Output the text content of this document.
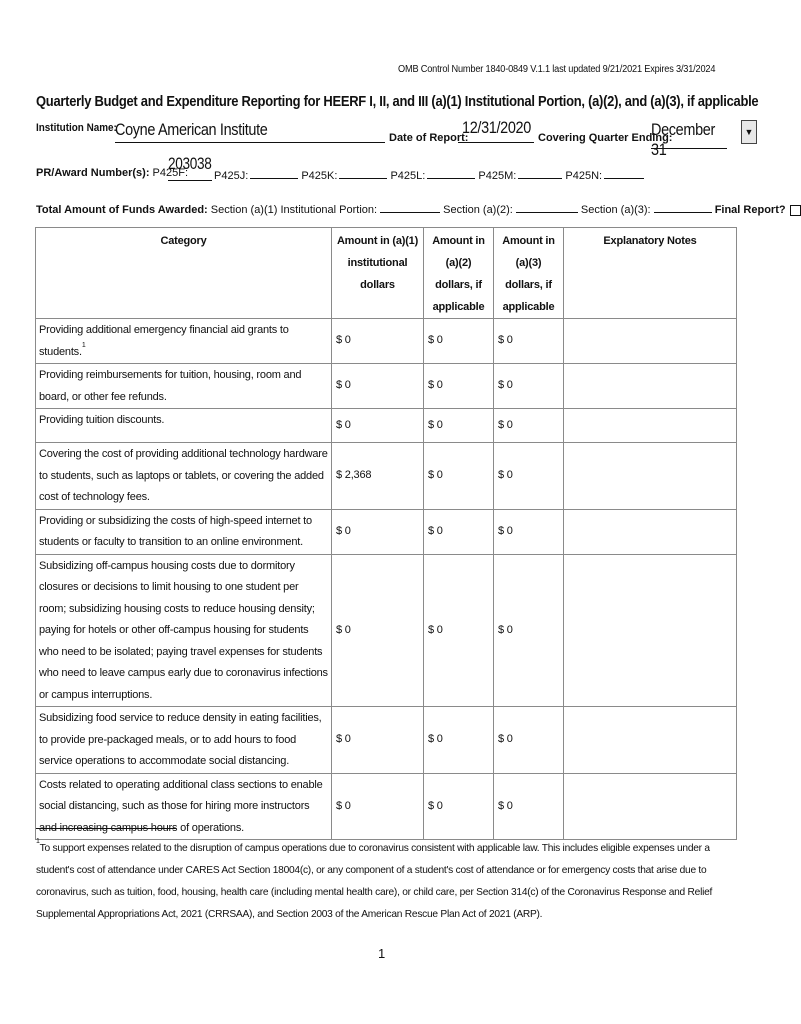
OMB Control Number 1840-0849 V.1.1 last updated 9/21/2021 Expires 3/31/2024
Quarterly Budget and Expenditure Reporting for HEERF I, II, and III (a)(1) Institutional Portion, (a)(2), and (a)(3), if applicable
Institution Name:
Coyne American Institute	Date of Report:
12/31/2020
Covering Quarter Ending:
December 31
▼
PR/Award Number(s): P425F:
203038
P425J:	P425K:	P425L:	P425M:	P425N:
Total Amount of Funds Awarded: Section (a)(1) Institutional Portion:	Section (a)(2):	Section (a)(3):	Final Report?
Category	Amount in (a)(1) institutional dollars	Amount in (a)(2) dollars, if applicable	Amount in (a)(3) dollars, if applicable	Explanatory Notes
Providing additional emergency financial aid grants to students.$^1$	$ 0	$ 0	$ 0	
Providing reimbursements for tuition, housing, room and board, or other fee refunds.	$ 0	$ 0	$ 0	
Providing tuition discounts.	$ 0	$ 0	$ 0	
Covering the cost of providing additional technology hardware to students, such as laptops or tablets, or covering the added cost of technology fees.	$ 2,368	$ 0	$ 0	
Providing or subsidizing the costs of high-speed internet to students or faculty to transition to an online environment.	$ 0	$ 0	$ 0	
Subsidizing off-campus housing costs due to dormitory closures or decisions to limit housing to one student per room; subsidizing housing costs to reduce housing density; paying for hotels or other off-campus housing for students who need to be isolated; paying travel expenses for students who need to leave campus early due to coronavirus infections or campus interruptions.	$ 0	$ 0	$ 0	
Subsidizing food service to reduce density in eating facilities, to provide pre-packaged meals, or to add hours to food service operations to accommodate social distancing.	$ 0	$ 0	$ 0	
Costs related to operating additional class sections to enable social distancing, such as those for hiring more instructors and increasing campus hours of operations.	$ 0	$ 0	$ 0	
$^1$To support expenses related to the disruption of campus operations due to coronavirus consistent with applicable law. This includes eligible expenses under a student's cost of attendance under CARES Act Section 18004(c), or any component of a student's cost of attendance or for emergency costs that arise due to coronavirus, such as tuition, food, housing, health care (including mental health care), or child care, per Section 314(c) of the Coronavirus Response and Relief Supplemental Appropriations Act, 2021 (CRRSAA), and Section 2003 of the American Rescue Plan Act of 2021 (ARP).
1
